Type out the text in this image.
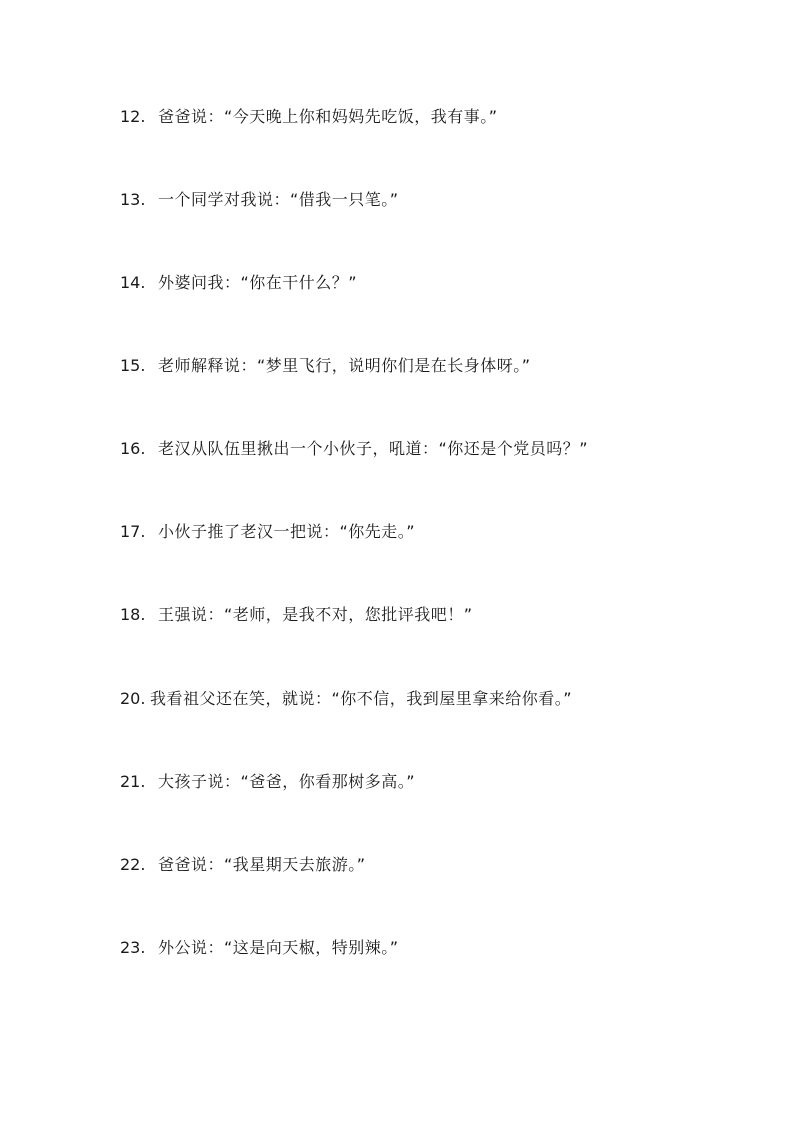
12. 爸爸说：“今天晚上你和妈妈先吃饭，我有事。”
13. 一个同学对我说：“借我一只笔。”
14. 外婆问我：“你在干什么？”
15. 老师解释说：“梦里飞行，说明你们是在长身体呀。”
16. 老汉从队伍里揪出一个小伙子，吼道：“你还是个党员吗？”
17. 小伙子推了老汉一把说：“你先走。”
18. 王强说：“老师，是我不对，您批评我吧！”
20. 我看祖父还在笑，就说：“你不信，我到屋里拿来给你看。”
21. 大孩子说：“爸爸，你看那树多高。”
22. 爸爸说：“我星期天去旅游。”
23. 外公说：“这是向天椒，特别辣。”
